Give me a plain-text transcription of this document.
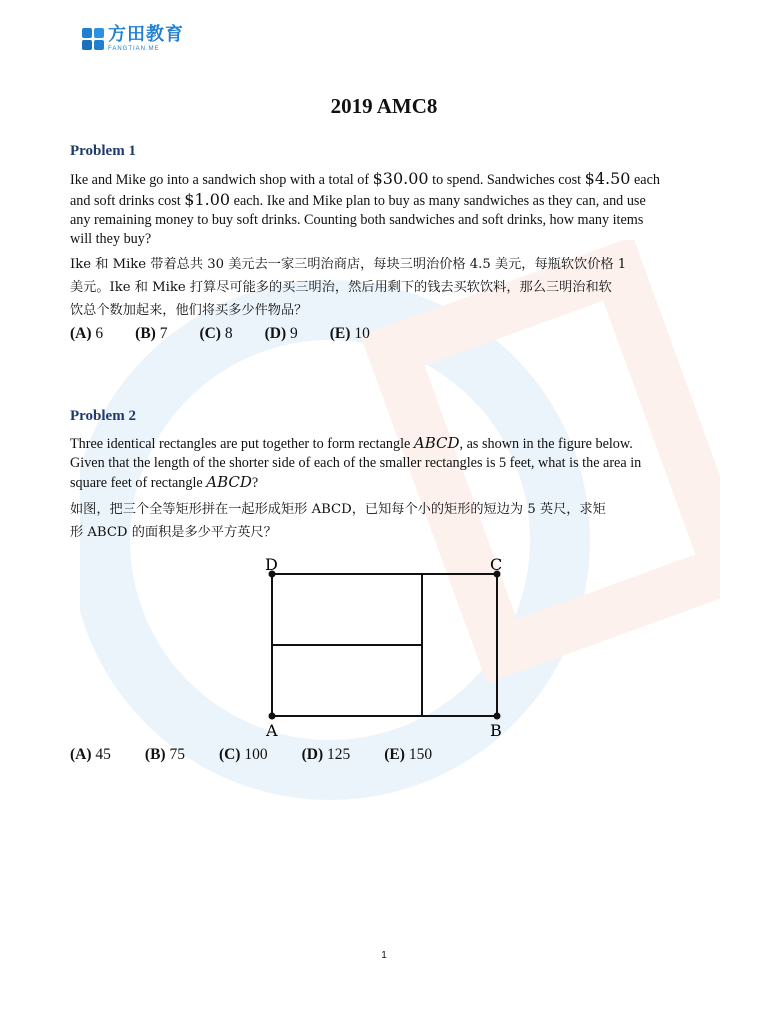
方田教育
FANGTIAN.ME
2019 AMC8
Problem 1
Ike and Mike go into a sandwich shop with a total of $30.00 to spend. Sandwiches cost $4.50 each
and soft drinks cost $1.00 each. Ike and Mike plan to buy as many sandwiches as they can, and use
any remaining money to buy soft drinks. Counting both sandwiches and soft drinks, how many items
will they buy?
Ike 和 Mike 带着总共 30 美元去一家三明治商店，每块三明治价格 4.5 美元，每瓶软饮价格 1
美元。Ike 和 Mike 打算尽可能多的买三明治，然后用剩下的钱去买软饮料，那么三明治和软
饮总个数加起来，他们将买多少件物品？
(A) 6 (B) 7 (C) 8 (D) 9 (E) 10
Problem 2
Three identical rectangles are put together to form rectangle ABCD, as shown in the figure below.
Given that the length of the shorter side of each of the smaller rectangles is 5 feet, what is the area in
square feet of rectangle ABCD?
如图，把三个全等矩形拼在一起形成矩形 ABCD，已知每个小的矩形的短边为 5 英尺，求矩
形 ABCD 的面积是多少平方英尺？
D	C
A	B
(A) 45 (B) 75 (C) 100 (D) 125 (E) 150
1
